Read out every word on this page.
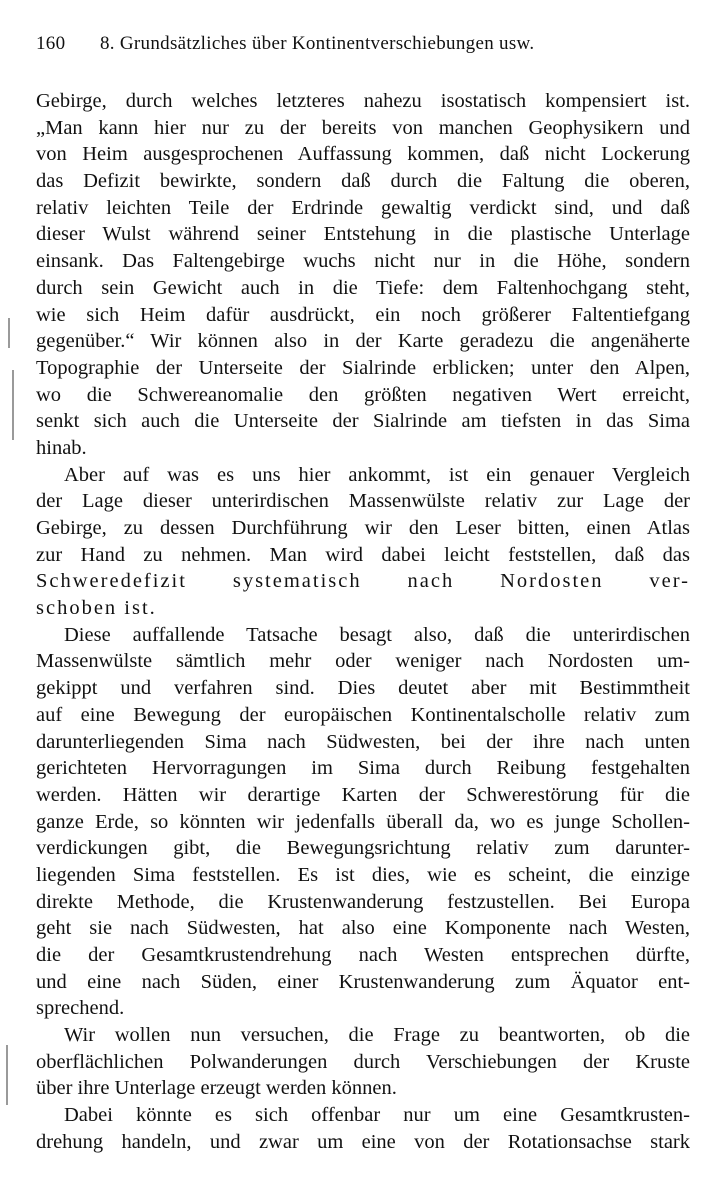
160 8. Grundsätzliches über Kontinentverschiebungen usw.
Gebirge, durch welches letzteres nahezu isostatisch kompensiert ist.
„Man kann hier nur zu der bereits von manchen Geophysikern und
von Heim ausgesprochenen Auffassung kommen, daß nicht Lockerung
das Defizit bewirkte, sondern daß durch die Faltung die oberen,
relativ leichten Teile der Erdrinde gewaltig verdickt sind, und daß
dieser Wulst während seiner Entstehung in die plastische Unterlage
einsank. Das Faltengebirge wuchs nicht nur in die Höhe, sondern
durch sein Gewicht auch in die Tiefe: dem Faltenhochgang steht,
wie sich Heim dafür ausdrückt, ein noch größerer Faltentiefgang
gegenüber.“ Wir können also in der Karte geradezu die angenäherte
Topographie der Unterseite der Sialrinde erblicken; unter den Alpen,
wo die Schwereanomalie den größten negativen Wert erreicht,
senkt sich auch die Unterseite der Sialrinde am tiefsten in das Sima
hinab.
Aber auf was es uns hier ankommt, ist ein genauer Vergleich
der Lage dieser unterirdischen Massenwülste relativ zur Lage der
Gebirge, zu dessen Durchführung wir den Leser bitten, einen Atlas
zur Hand zu nehmen. Man wird dabei leicht feststellen, daß das
Schweredefizit systematisch nach Nordosten ver-
schoben ist.
Diese auffallende Tatsache besagt also, daß die unterirdischen
Massenwülste sämtlich mehr oder weniger nach Nordosten um-
gekippt und verfahren sind. Dies deutet aber mit Bestimmtheit
auf eine Bewegung der europäischen Kontinentalscholle relativ zum
darunterliegenden Sima nach Südwesten, bei der ihre nach unten
gerichteten Hervorragungen im Sima durch Reibung festgehalten
werden. Hätten wir derartige Karten der Schwerestörung für die
ganze Erde, so könnten wir jedenfalls überall da, wo es junge Schollen-
verdickungen gibt, die Bewegungsrichtung relativ zum darunter-
liegenden Sima feststellen. Es ist dies, wie es scheint, die einzige
direkte Methode, die Krustenwanderung festzustellen. Bei Europa
geht sie nach Südwesten, hat also eine Komponente nach Westen,
die der Gesamtkrustendrehung nach Westen entsprechen dürfte,
und eine nach Süden, einer Krustenwanderung zum Äquator ent-
sprechend.
Wir wollen nun versuchen, die Frage zu beantworten, ob die
oberflächlichen Polwanderungen durch Verschiebungen der Kruste
über ihre Unterlage erzeugt werden können.
Dabei könnte es sich offenbar nur um eine Gesamtkrusten-
drehung handeln, und zwar um eine von der Rotationsachse stark
